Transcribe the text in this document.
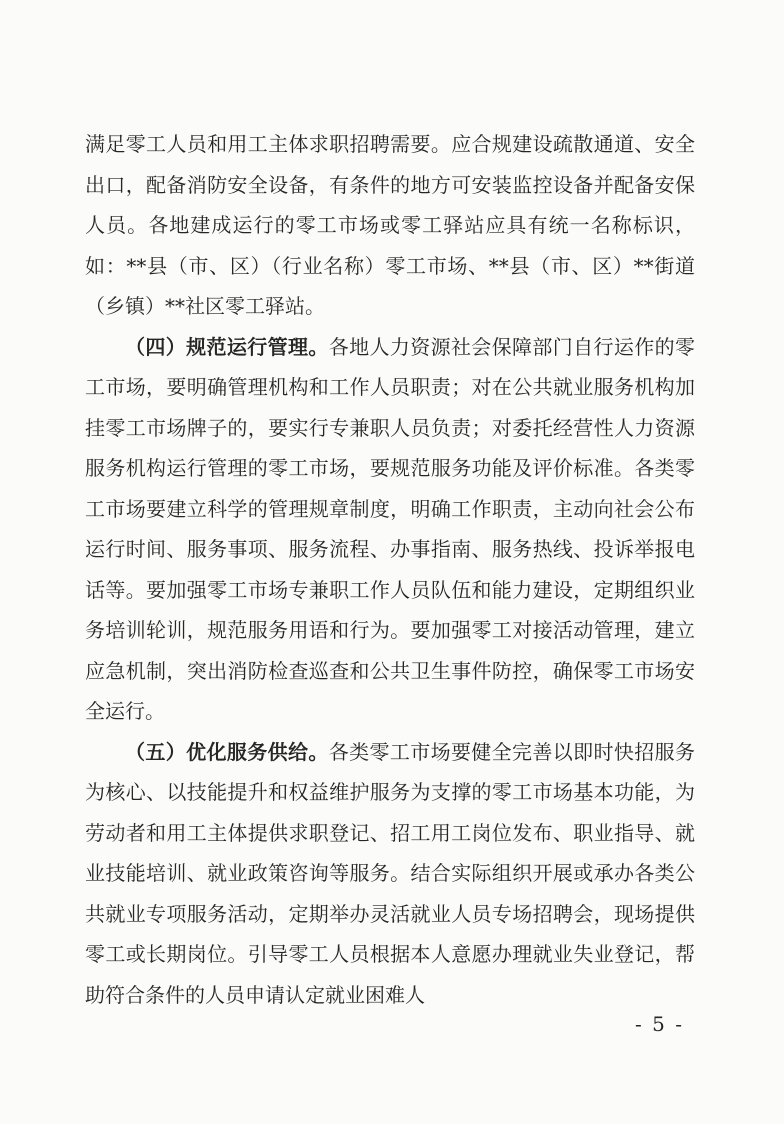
满足零工人员和用工主体求职招聘需要。应合规建设疏散通道、安全出口，配备消防安全设备，有条件的地方可安装监控设备并配备安保人员。各地建成运行的零工市场或零工驿站应具有统一名称标识，如：**县（市、区）（行业名称）零工市场、**县（市、区）**街道（乡镇）**社区零工驿站。

（四）规范运行管理。各地人力资源社会保障部门自行运作的零工市场，要明确管理机构和工作人员职责；对在公共就业服务机构加挂零工市场牌子的，要实行专兼职人员负责；对委托经营性人力资源服务机构运行管理的零工市场，要规范服务功能及评价标准。各类零工市场要建立科学的管理规章制度，明确工作职责，主动向社会公布运行时间、服务事项、服务流程、办事指南、服务热线、投诉举报电话等。要加强零工市场专兼职工作人员队伍和能力建设，定期组织业务培训轮训，规范服务用语和行为。要加强零工对接活动管理，建立应急机制，突出消防检查巡查和公共卫生事件防控，确保零工市场安全运行。

（五）优化服务供给。各类零工市场要健全完善以即时快招服务为核心、以技能提升和权益维护服务为支撑的零工市场基本功能，为劳动者和用工主体提供求职登记、招工用工岗位发布、职业指导、就业技能培训、就业政策咨询等服务。结合实际组织开展或承办各类公共就业专项服务活动，定期举办灵活就业人员专场招聘会，现场提供零工或长期岗位。引导零工人员根据本人意愿办理就业失业登记，帮助符合条件的人员申请认定就业困难人

- 5 -
